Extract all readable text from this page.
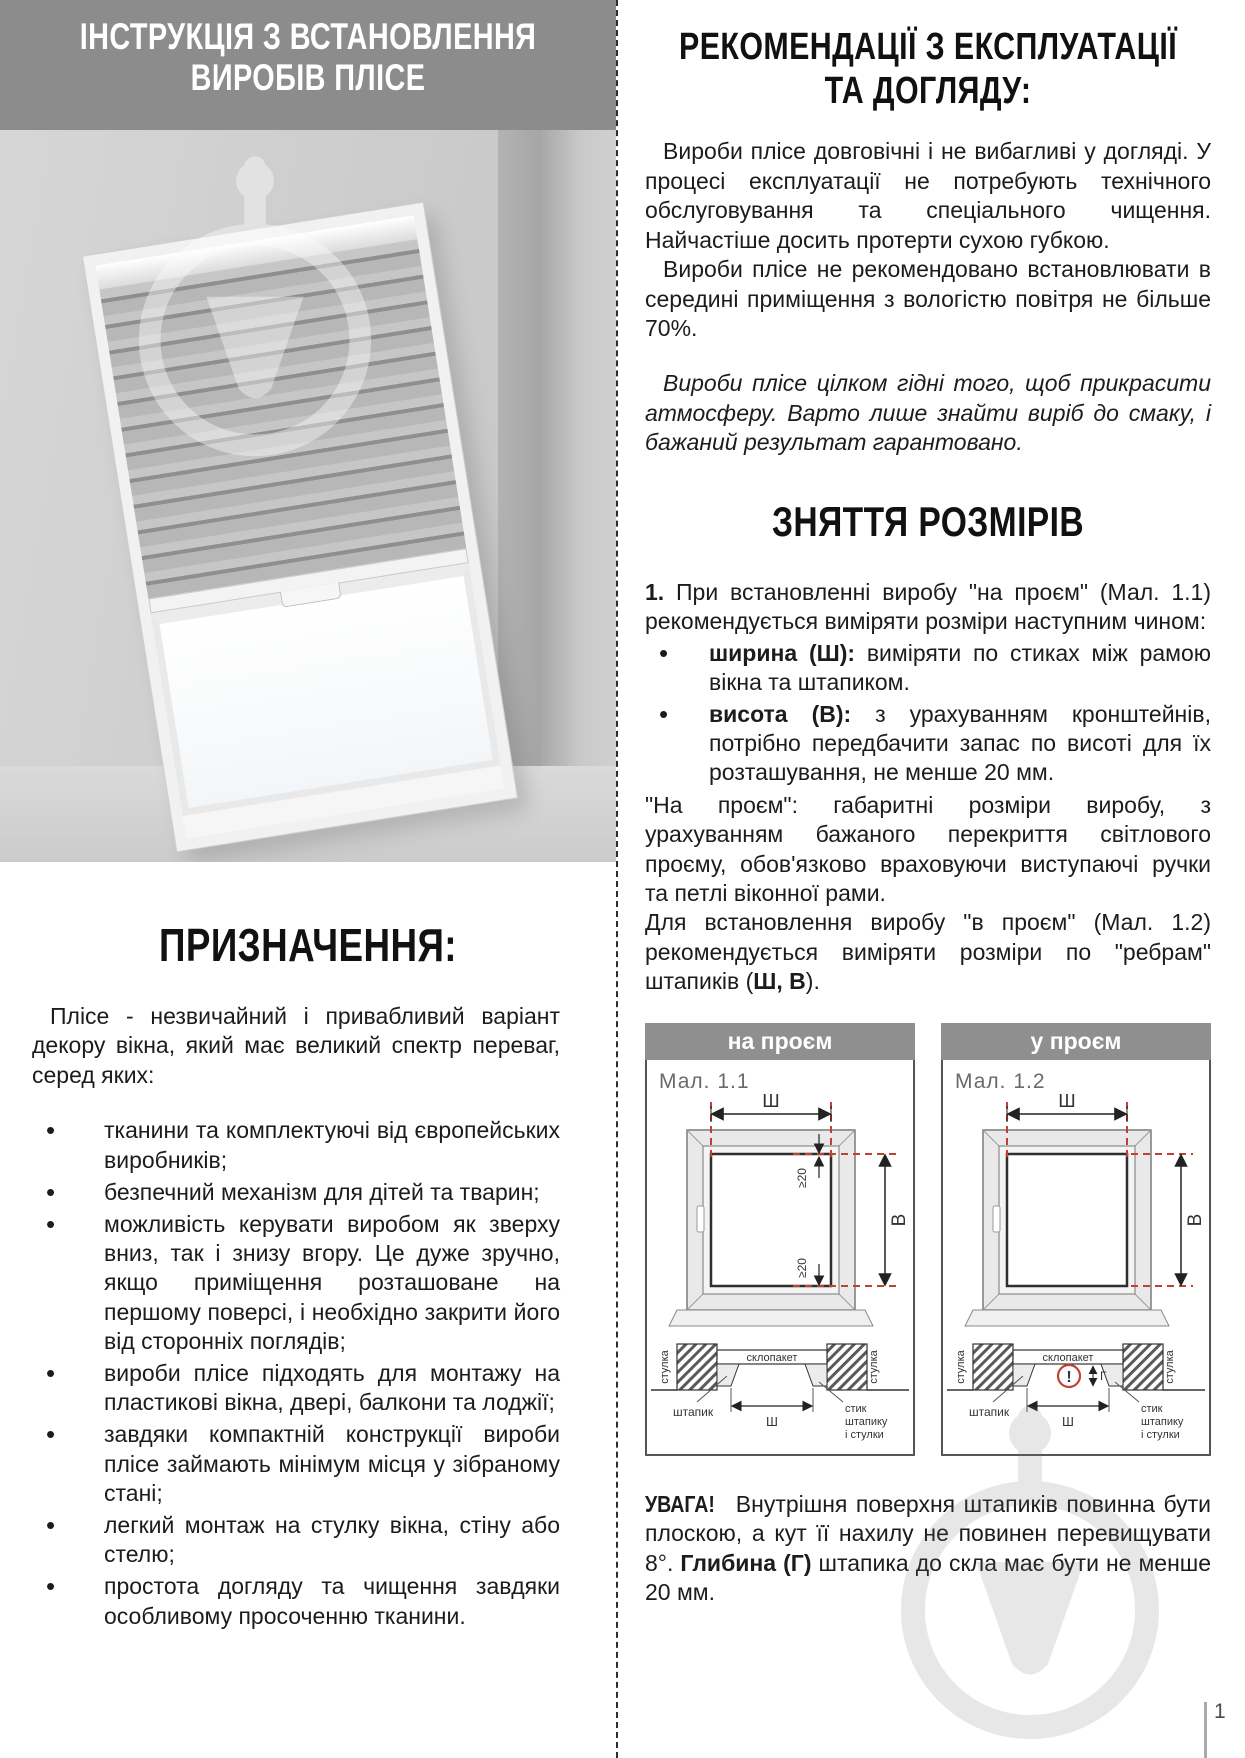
ІНСТРУКЦІЯ З ВСТАНОВЛЕННЯ ВИРОБІВ ПЛІСЕ
ПРИЗНАЧЕННЯ:

Плісе - незвичайний і привабливий варіант декору вікна, який має великий спектр переваг, серед яких:

• тканини та комплектуючі від європейських виробників;
• безпечний механізм для дітей та тварин;
• можливість керувати виробом як зверху вниз, так і знизу вгору. Це дуже зручно, якщо приміщення розташоване на першому поверсі, і необхідно закрити його від сторонніх поглядів;
• вироби плісе підходять для монтажу на пластикові вікна, двері, балкони та лоджії;
• завдяки компактній конструкції вироби плісе займають мінімум місця у зібраному стані;
• легкий монтаж на стулку вікна, стіну або стелю;
• простота догляду та чищення завдяки особливому просоченню тканини.
РЕКОМЕНДАЦІЇ З ЕКСПЛУАТАЦІЇ ТА ДОГЛЯДУ:

Вироби плісе довговічні і не вибагливі у догляді. У процесі експлуатації не потребують технічного обслуговування та спеціального чищення. Найчастіше досить протерти сухою губкою.

Вироби плісе не рекомендовано встановлювати в середині приміщення з вологістю повітря не більше 70%.

Вироби плісе цілком гідні того, щоб прикрасити атмосферу. Варто лише знайти виріб до смаку, і бажаний результат гарантовано.

ЗНЯТТЯ РОЗМІРІВ

1. При встановленні виробу "на проєм" (Мал. 1.1) рекомендується виміряти розміри наступним чином:

• ширина (Ш): виміряти по стиках між рамою вікна та штапиком.
• висота (В): з урахуванням кронштейнів, потрібно передбачити запас по висоті для їх розташування, не менше 20 мм.

"На проєм": габаритні розміри виробу, з урахуванням бажаного перекриття світлового проєму, обов'язково враховуючи виступаючі ручки та петлі віконної рами.

Для встановлення виробу "в проєм" (Мал. 1.2) рекомендується виміряти розміри по "ребрам" штапиків (Ш, В).

на проєм
Мал. 1.1
Ш
В
≥20
≥20
склопакет
стулка	стулка
штапик
Ш
стик
штапику
і стулки
у проєм
Мал. 1.2
Ш
В
склопакет
стулка	стулка
штапик
Ш
стик
штапику
і стулки
! Г

УВАГА! Внутрішня поверхня штапиків повинна бути плоскою, а кут її нахилу не повинен перевищувати 8°. Глибина (Г) штапика до скла має бути не менше 20 мм.

1
